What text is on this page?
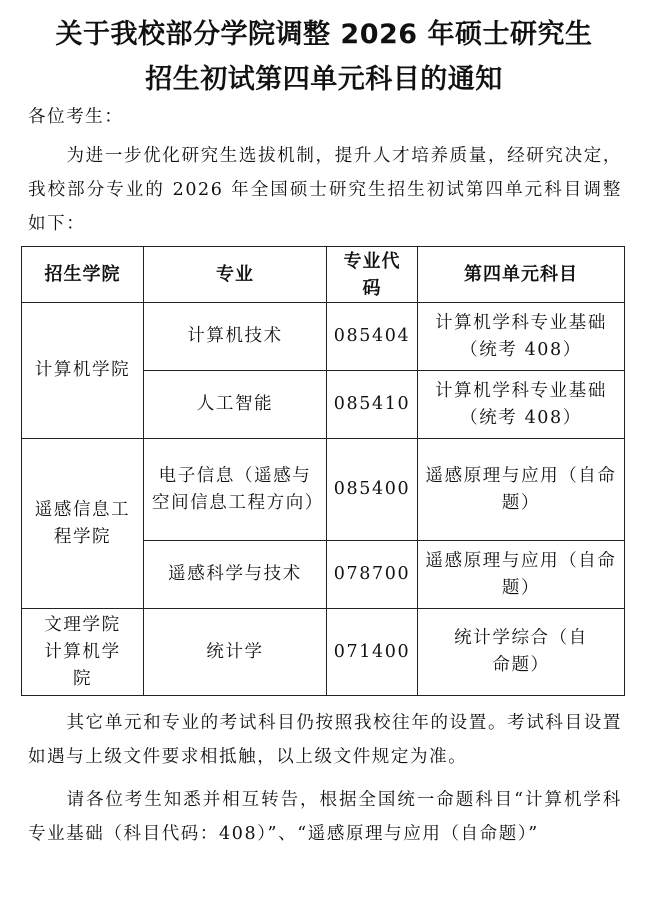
关于我校部分学院调整 2026 年硕士研究生
招生初试第四单元科目的通知
各位考生：
为进一步优化研究生选拔机制，提升人才培养质量，经研究决定，我校部分专业的 2026 年全国硕士研究生招生初试第四单元科目调整如下：
招生学院	专业	专业代码	第四单元科目
计算机学院	计算机技术	085404	计算机学科专业基础（统考 408）
	人工智能	085410	计算机学科专业基础（统考 408）
遥感信息工程学院	电子信息（遥感与空间信息工程方向）	085400	遥感原理与应用（自命题）
	遥感科学与技术	078700	遥感原理与应用（自命题）
文理学院 计算机学院	统计学	071400	统计学综合（自命题）
其它单元和专业的考试科目仍按照我校往年的设置。考试科目设置如遇与上级文件要求相抵触，以上级文件规定为准。
请各位考生知悉并相互转告，根据全国统一命题科目“计算机学科专业基础（科目代码：408）”、“遥感原理与应用（自命题）”
